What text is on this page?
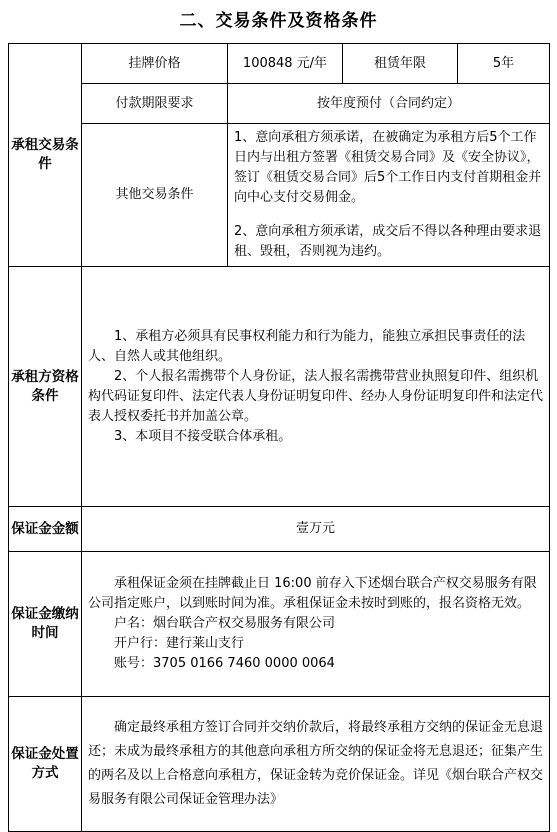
二、交易条件及资格条件
承租交易条件	挂牌价格	100848 元/年	租赁年限	5年
	付款期限要求	按年度预付（合同约定）		
	其他交易条件	1、意向承租方须承诺，在被确定为承租方后5个工作日内与出租方签署《租赁交易合同》及《安全协议》，签订《租赁交易合同》后5个工作日内支付首期租金并向中心支付交易佣金。

2、意向承租方须承诺，成交后不得以各种理由要求退租、毁租，否则视为违约。		

承租方资格条件	1、承租方必须具有民事权利能力和行为能力，能独立承担民事责任的法人、自然人或其他组织。

2、个人报名需携带个人身份证，法人报名需携带营业执照复印件、组织机构代码证复印件、法定代表人身份证明复印件、经办人身份证明复印件和法定代表人授权委托书并加盖公章。

3、本项目不接受联合体承租。			

保证金金额	壹万元			
保证金缴纳时间	承租保证金须在挂牌截止日 16:00 前存入下述烟台联合产权交易服务有限公司指定账户，以到账时间为准。承租保证金未按时到账的，报名资格无效。

户名：烟台联合产权交易服务有限公司

开户行：建行莱山支行

账号：3705 0166 7460 0000 0064			

保证金处置方式	确定最终承租方签订合同并交纳价款后，将最终承租方交纳的保证金无息退还；未成为最终承租方的其他意向承租方所交纳的保证金将无息退还；征集产生的两名及以上合格意向承租方，保证金转为竞价保证金。详见《烟台联合产权交易服务有限公司保证金管理办法》			
